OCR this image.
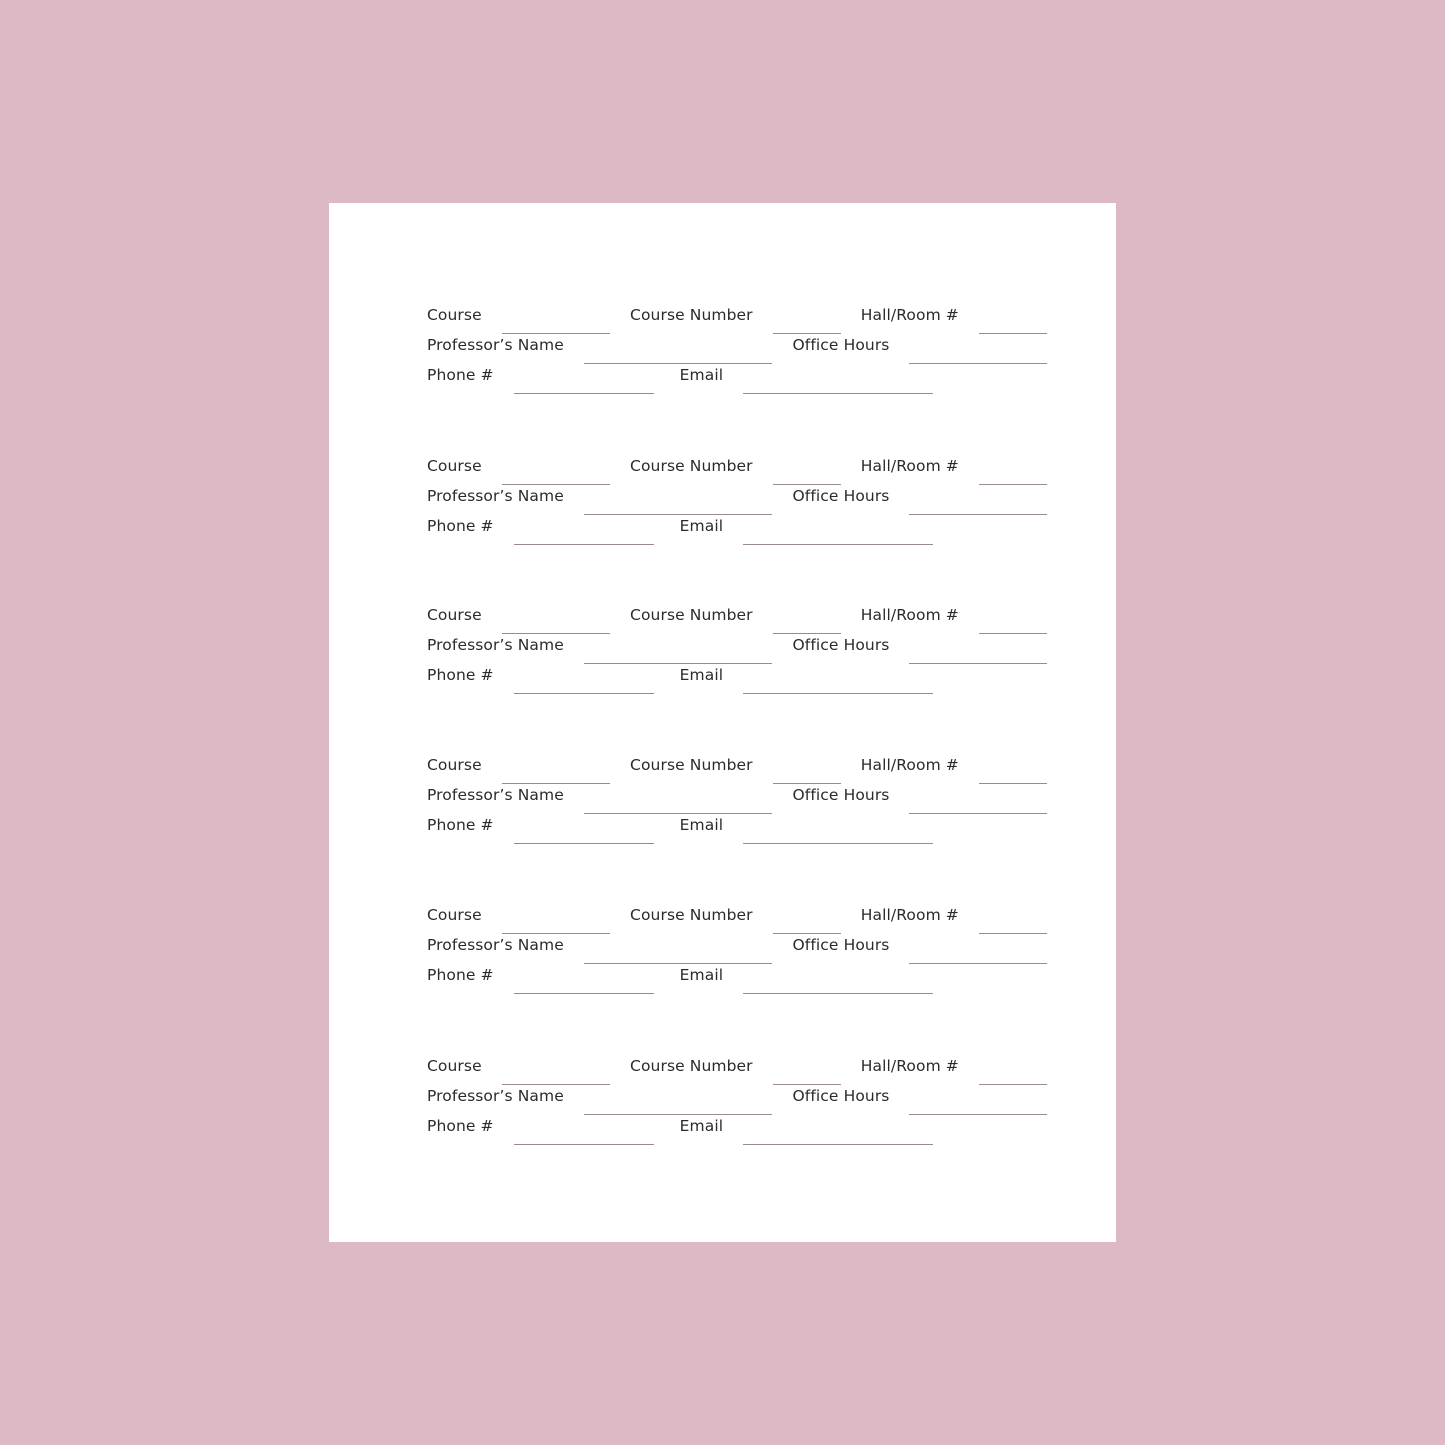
Course	Course Number	Hall/Room #
Professor’s Name	Office Hours
Phone #	Email
Course	Course Number	Hall/Room #
Professor’s Name	Office Hours
Phone #	Email
Course	Course Number	Hall/Room #
Professor’s Name	Office Hours
Phone #	Email
Course	Course Number	Hall/Room #
Professor’s Name	Office Hours
Phone #	Email
Course	Course Number	Hall/Room #
Professor’s Name	Office Hours
Phone #	Email
Course	Course Number	Hall/Room #
Professor’s Name	Office Hours
Phone #	Email
